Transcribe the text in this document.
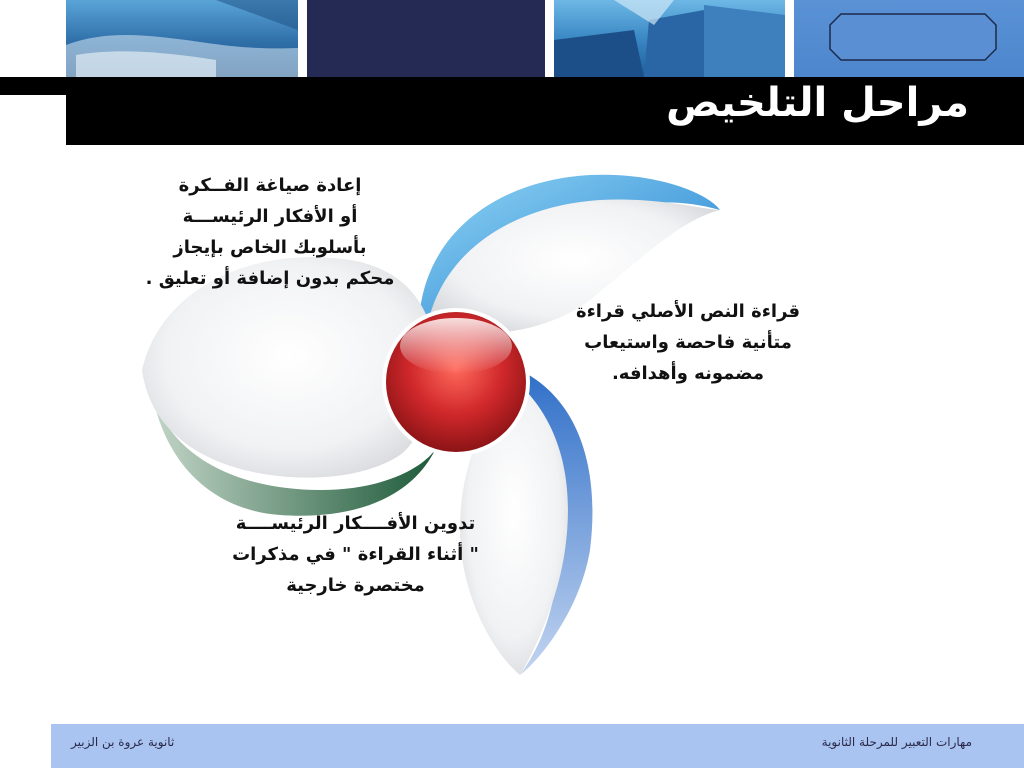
مراحل التلخيص
إعادة صياغة الفــكرة
أو الأفكار الرئيســـة
بأسلوبك الخاص بإيجاز
محكم بدون إضافة أو تعليق .
قراءة النص الأصلي قراءة
متأنية فاحصة واستيعاب
مضمونه وأهدافه.
تدوين الأفــــكار الرئيســــة
" أثناء القراءة " في مذكرات
مختصرة خارجية
مهارات التعبير للمرحلة الثانوية
ثانوية عروة بن الزبير
